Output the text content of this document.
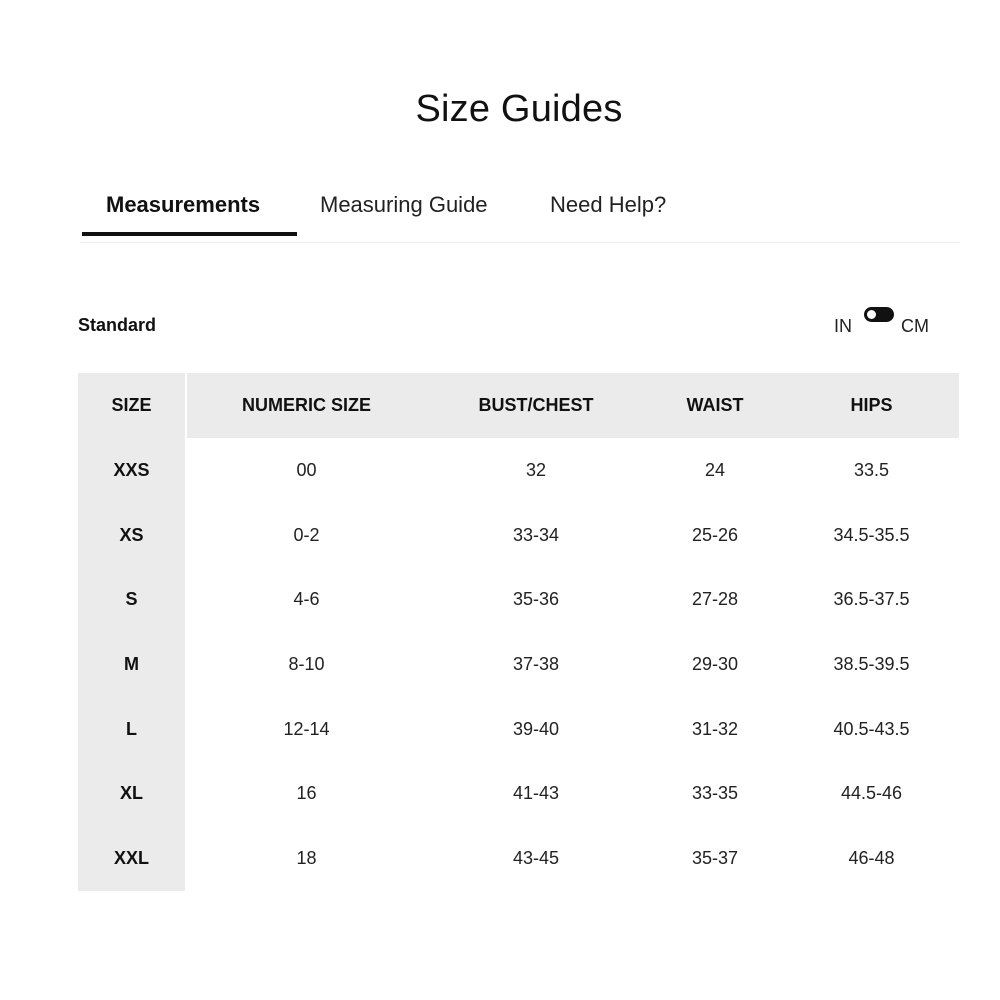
Size Guides
Measurements	Measuring Guide	Need Help?
Standard	IN	CM
SIZE	NUMERIC SIZE	BUST/CHEST	WAIST	HIPS
XXS	00	32	24	33.5
XS	0-2	33-34	25-26	34.5-35.5
S	4-6	35-36	27-28	36.5-37.5
M	8-10	37-38	29-30	38.5-39.5
L	12-14	39-40	31-32	40.5-43.5
XL	16	41-43	33-35	44.5-46
XXL	18	43-45	35-37	46-48
